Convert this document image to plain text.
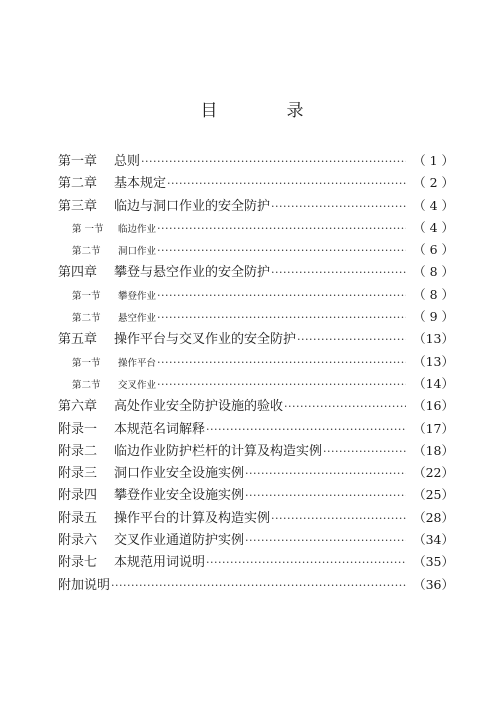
目　录
第一章	总则 ·····	（ 1 ）
第二章	基本规定 ·····	（ 2 ）
第三章	临边与洞口作业的安全防护 ·····	（ 4 ）
第 一节	临边作业 ·····	（ 4 ）
第二节	洞口作业 ·····	（ 6 ）
第四章	攀登与悬空作业的安全防护 ·····	（ 8 ）
第一节	攀登作业 ·····	（ 8 ）
第二节	悬空作业 ·····	（ 9 ）
第五章	操作平台与交叉作业的安全防护 ·····	（13）
第一节	操作平台 ·····	（13）
第二节	交叉作业 ·····	（14）
第六章	高处作业安全防护设施的验收 ·····	（16）
附录一	本规范名词解释 ·····	（17）
附录二	临边作业防护栏杆的计算及构造实例 ·····	（18）
附录三	洞口作业安全设施实例 ·····	（22）
附录四	攀登作业安全设施实例 ·····	（25）
附录五	操作平台的计算及构造实例 ·····	（28）
附录六	交叉作业通道防护实例 ·····	（34）
附录七	本规范用词说明 ·····	（35）
附加说明 ·····	（36）
